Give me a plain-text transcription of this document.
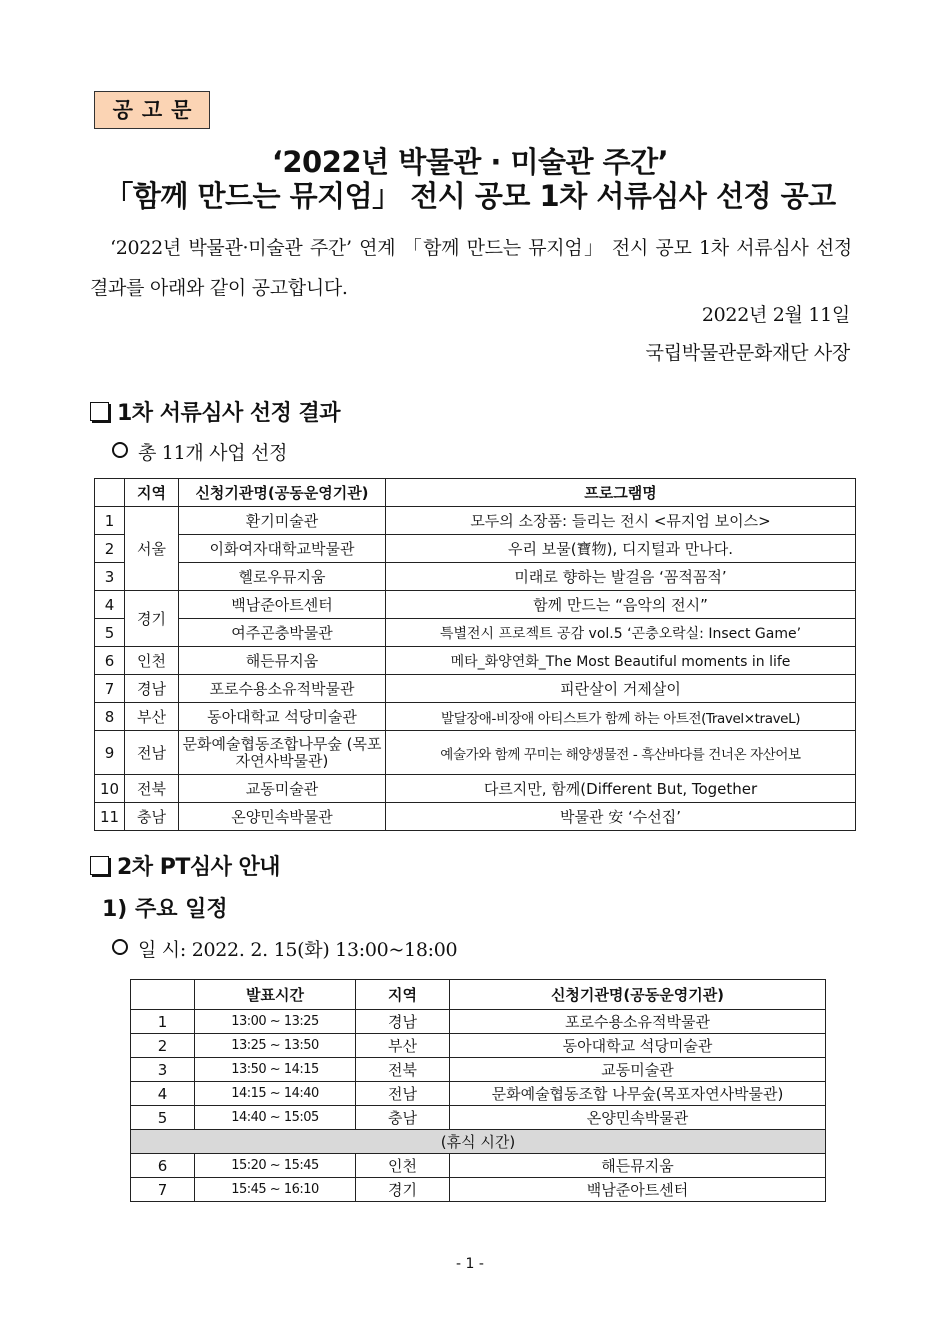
공고문
‘2022년 박물관 · 미술관 주간’
「함께 만드는 뮤지엄」 전시 공모 1차 서류심사 선정 공고
‘2022년 박물관·미술관 주간’ 연계 「함께 만드는 뮤지엄」 전시 공모 1차 서류심사 선정 결과를 아래와 같이 공고합니다.
2022년 2월 11일
국립박물관문화재단 사장
1차 서류심사 선정 결과
총 11개 사업 선정
	지역	신청기관명(공동운영기관)	프로그램명
1	서울	환기미술관	모두의 소장품: 들리는 전시 <뮤지엄 보이스>
2		이화여자대학교박물관	우리 보물(寶物), 디지털과 만나다.
3		헬로우뮤지움	미래로 향하는 발걸음 ‘꼼적꼼적’
4	경기	백남준아트센터	함께 만드는 “음악의 전시”
5		여주곤충박물관	특별전시 프로젝트 공감 vol.5 ‘곤충오락실: Insect Game’
6	인천	해든뮤지움	메타_화양연화_The Most Beautiful moments in life
7	경남	포로수용소유적박물관	피란살이 거제살이
8	부산	동아대학교 석당미술관	발달장애-비장애 아티스트가 함께 하는 아트전(Travel×traveL)
9	전남	문화예술협동조합나무숲 (목포자연사박물관)	예술가와 함께 꾸미는 해양생물전 - 흑산바다를 건너온 자산어보
10	전북	교동미술관	다르지만, 함께(Different But, Together
11	충남	온양민속박물관	박물관 安 ‘수선집’
2차 PT심사 안내
1) 주요 일정
일 시: 2022. 2. 15(화) 13:00~18:00
	발표시간	지역	신청기관명(공동운영기관)
1	13:00 ~ 13:25	경남	포로수용소유적박물관
2	13:25 ~ 13:50	부산	동아대학교 석당미술관
3	13:50 ~ 14:15	전북	교동미술관
4	14:15 ~ 14:40	전남	문화예술협동조합 나무숲(목포자연사박물관)
5	14:40 ~ 15:05	충남	온양민속박물관
(휴식 시간)			
6	15:20 ~ 15:45	인천	해든뮤지움
7	15:45 ~ 16:10	경기	백남준아트센터
- 1 -
